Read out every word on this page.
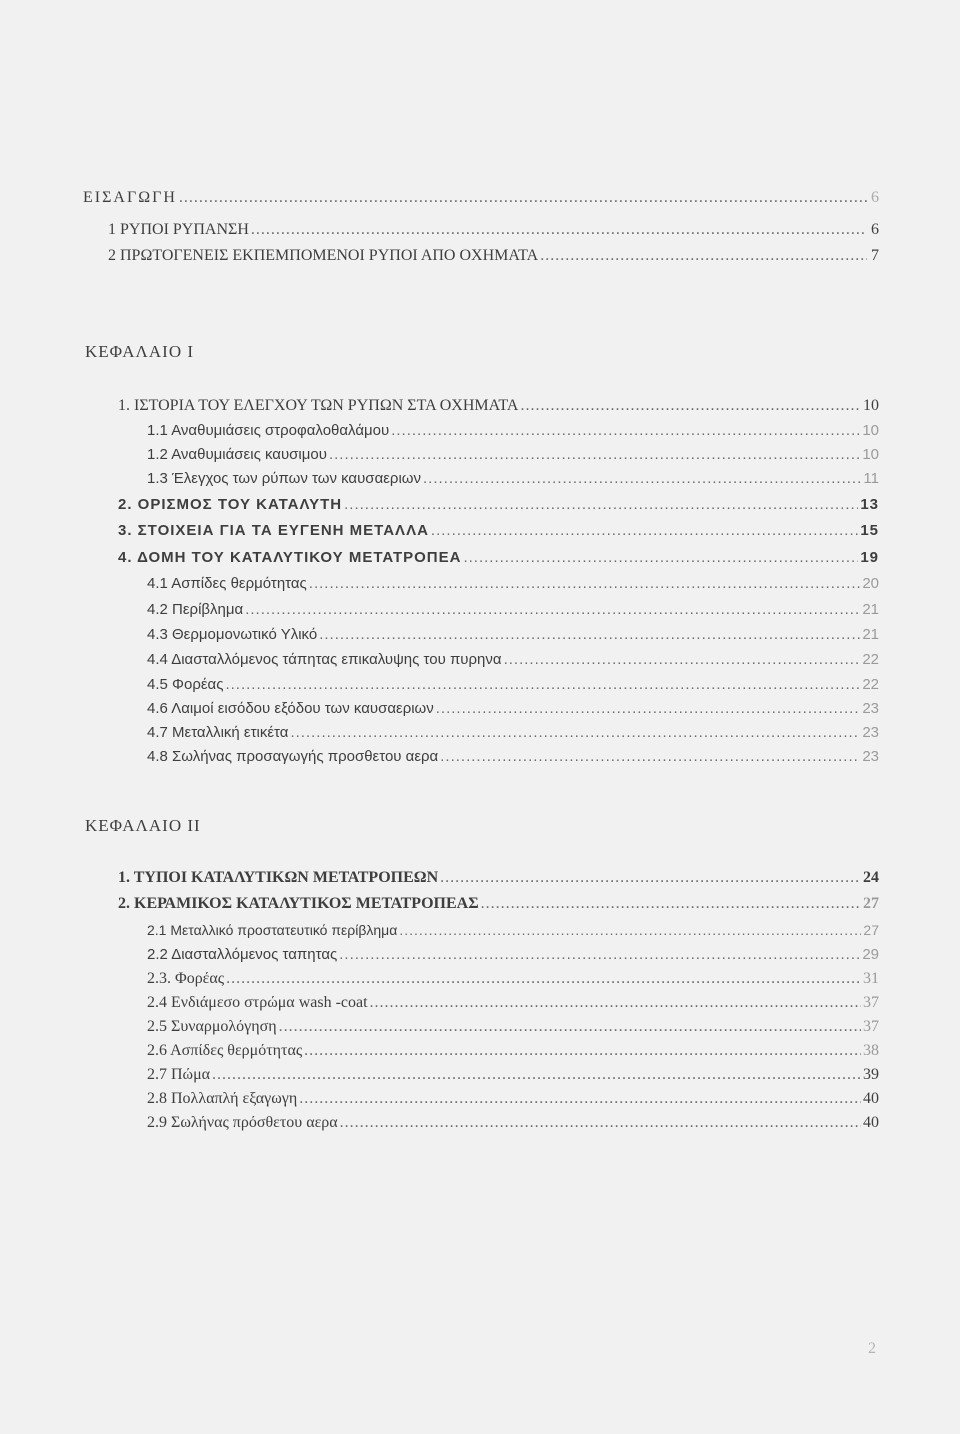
ΕΙΣΑΓΩΓΗ .....	6
1 ΡΥΠΟΙ ΡΥΠΑΝΣΗ .....	6
2 ΠΡΩΤΟΓΕΝΕΙΣ ΕΚΠΕΜΠΟΜΕΝΟΙ ΡΥΠΟΙ ΑΠΟ ΟΧΗΜΑΤΑ .....	7
ΚΕΦΑΛΑΙΟ Ι
1. ΙΣΤΟΡΙΑ ΤΟΥ ΕΛΕΓΧΟΥ ΤΩΝ ΡΥΠΩΝ ΣΤΑ ΟΧΗΜΑΤΑ .....	10
1.1 Αναθυμιάσεις στροφαλοθαλάμου .....	10
1.2 Αναθυμιάσεις καυσιμου .....	10
1.3 Έλεγχος των ρύπων των καυσαεριων .....	11
2. ΟΡΙΣΜΟΣ ΤΟΥ ΚΑΤΑΛΥΤΗ .....	13
3. ΣΤΟΙΧΕΙΑ ΓΙΑ ΤΑ ΕΥΓΕΝΗ ΜΕΤΑΛΛΑ .....	15
4. ΔΟΜΗ ΤΟΥ ΚΑΤΑΛΥΤΙΚΟΥ ΜΕΤΑΤΡΟΠΕΑ .....	19
4.1 Ασπίδες θερμότητας .....	20
4.2 Περίβλημα .....	21
4.3 Θερμομονωτικό Υλικό .....	21
4.4 Διασταλλόμενος τάπητας επικαλυψης του πυρηνα .....	22
4.5 Φορέας .....	22
4.6 Λαιμοί εισόδου εξόδου των καυσαεριων .....	23
4.7 Μεταλλική ετικέτα .....	23
4.8 Σωλήνας προσαγωγής προσθετου αερα .....	23
ΚΕΦΑΛΑΙΟ ΙΙ
1. ΤΥΠΟΙ ΚΑΤΑΛΥΤΙΚΩΝ ΜΕΤΑΤΡΟΠΕΩΝ .....	24
2. ΚΕΡΑΜΙΚΟΣ ΚΑΤΑΛΥΤΙΚΟΣ ΜΕΤΑΤΡΟΠΕΑΣ .....	27
2.1 Μεταλλικό προστατευτικό περίβλημα .....	27
2.2 Διασταλλόμενος ταπητας .....	29
2.3. Φορέας .....	31
2.4 Ενδιάμεσο στρώμα wash -coat .....	37
2.5 Συναρμολόγηση .....	37
2.6 Ασπίδες θερμότητας .....	38
2.7 Πώμα .....	39
2.8 Πολλαπλή εξαγωγη .....	40
2.9 Σωλήνας πρόσθετου αερα .....	40
2
